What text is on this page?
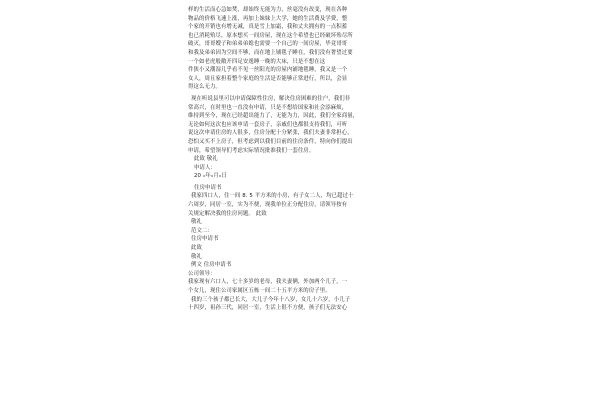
样的生活而心急如焚，却始终无能为力，丝毫没有改变，现在各种
物品的价格飞速上涨，再加上妹妹上大学，她的生活费及学费，整
个家的开销也有增无减，真是雪上加霜，我和丈夫拥有的一点积蓄
也已消耗殆尽，原本想买一间房屋，现在这个希望也已经破坏殆尽所
破灭，哥哥嫂子和弟弟弟媳也需要一个自己的一间房屋，毕竟哥哥
和我及弟弟因为空间不够，而在地上铺毯子睡在，我们没有奢望过要
一个如老虎般敞开四足安逸睡一晚的大床，只是不想在这
件狭小又潮湿几乎看不见一丝阳光的房屋内铺地毯睡，我又是一个
女人，周且家担着整个家庭的生活是否能够正常进行，所以，会显
得这么无力。
现在听说县里可以申请保障性住房，解决住房困难的住户，我们非
常高兴，在时里也一直没有申请，只是不想给国家和社会添麻烦，
维持到至今，现在已经超出能力了，无能为力，因此，我们全家商量，
无论如何这次也应该申请一套房子，亲戚们也都很支持我们，可听
说这次申请住房的人很多，住房分配十分紧张，我们夫妻非常担心，
恐怕又买不上房子，但考虑到以我们目前的住房条件，特向你们提出
申请，希望领导们考虑实际情况批准我们一套住房。
此致 敬礼
申请人：
20 ₓ年ₓ月ₓ日
住房申请书
我家四口人，住一间 8. 5 平方米的小房，有子女二人，均已超过十
六周岁，同居一室，实为不便，现我单位正分配住房，请领导按有
关规定解决我的住房问题。 此致
敬礼
范文二：
住房申请书
此致
敬礼
例文 住房申请书
公司领导：
我家现有六口人，七十多岁的老母，我夫妻俩，外加两个儿子，一
个女儿，现住公司家属区五栋一间二十五平方米的房子里。
我的三个孩子都已长大，大儿子今年十八岁，女儿十六岁，小儿子
十四岁，祖孙三代，同居一室，生活上很不方便，孩子们无法安心
